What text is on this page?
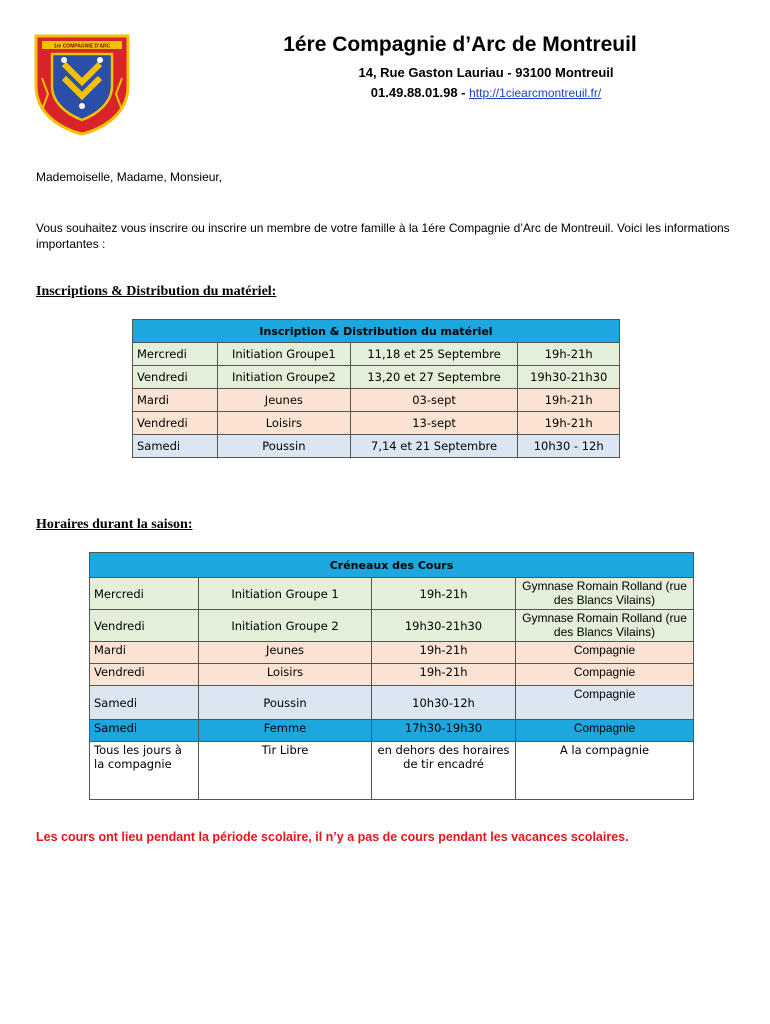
1re COMPAGNIE D'ARC	1ére Compagnie d’Arc de Montreuil
14, Rue Gaston Lauriau - 93100 Montreuil
01.49.88.01.98 - http://1ciearcmontreuil.fr/
Mademoiselle, Madame, Monsieur,
Vous souhaitez vous inscrire ou inscrire un membre de votre famille à la 1ére Compagnie d’Arc de Montreuil. Voici les informations importantes :
Inscriptions & Distribution du matériel:
Inscription & Distribution du matériel			
Mercredi	Initiation Groupe1	11,18 et 25 Septembre	19h-21h
Vendredi	Initiation Groupe2	13,20 et 27 Septembre	19h30-21h30
Mardi	Jeunes	03-sept	19h-21h
Vendredi	Loisirs	13-sept	19h-21h
Samedi	Poussin	7,14 et 21 Septembre	10h30 - 12h
Horaires durant la saison:
Créneaux des Cours			
Mercredi	Initiation Groupe 1	19h-21h	Gymnase Romain Rolland (rue des Blancs Vilains)
Vendredi	Initiation Groupe 2	19h30-21h30	Gymnase Romain Rolland (rue des Blancs Vilains)
Mardi	Jeunes	19h-21h	Compagnie
Vendredi	Loisirs	19h-21h	Compagnie
Samedi	Poussin	10h30-12h	Compagnie
Samedi	Femme	17h30-19h30	Compagnie
Tous les jours à la compagnie	Tir Libre	en dehors des horaires de tir encadré	A la compagnie
Les cours ont lieu pendant la période scolaire, il n’y a pas de cours pendant les vacances scolaires.
